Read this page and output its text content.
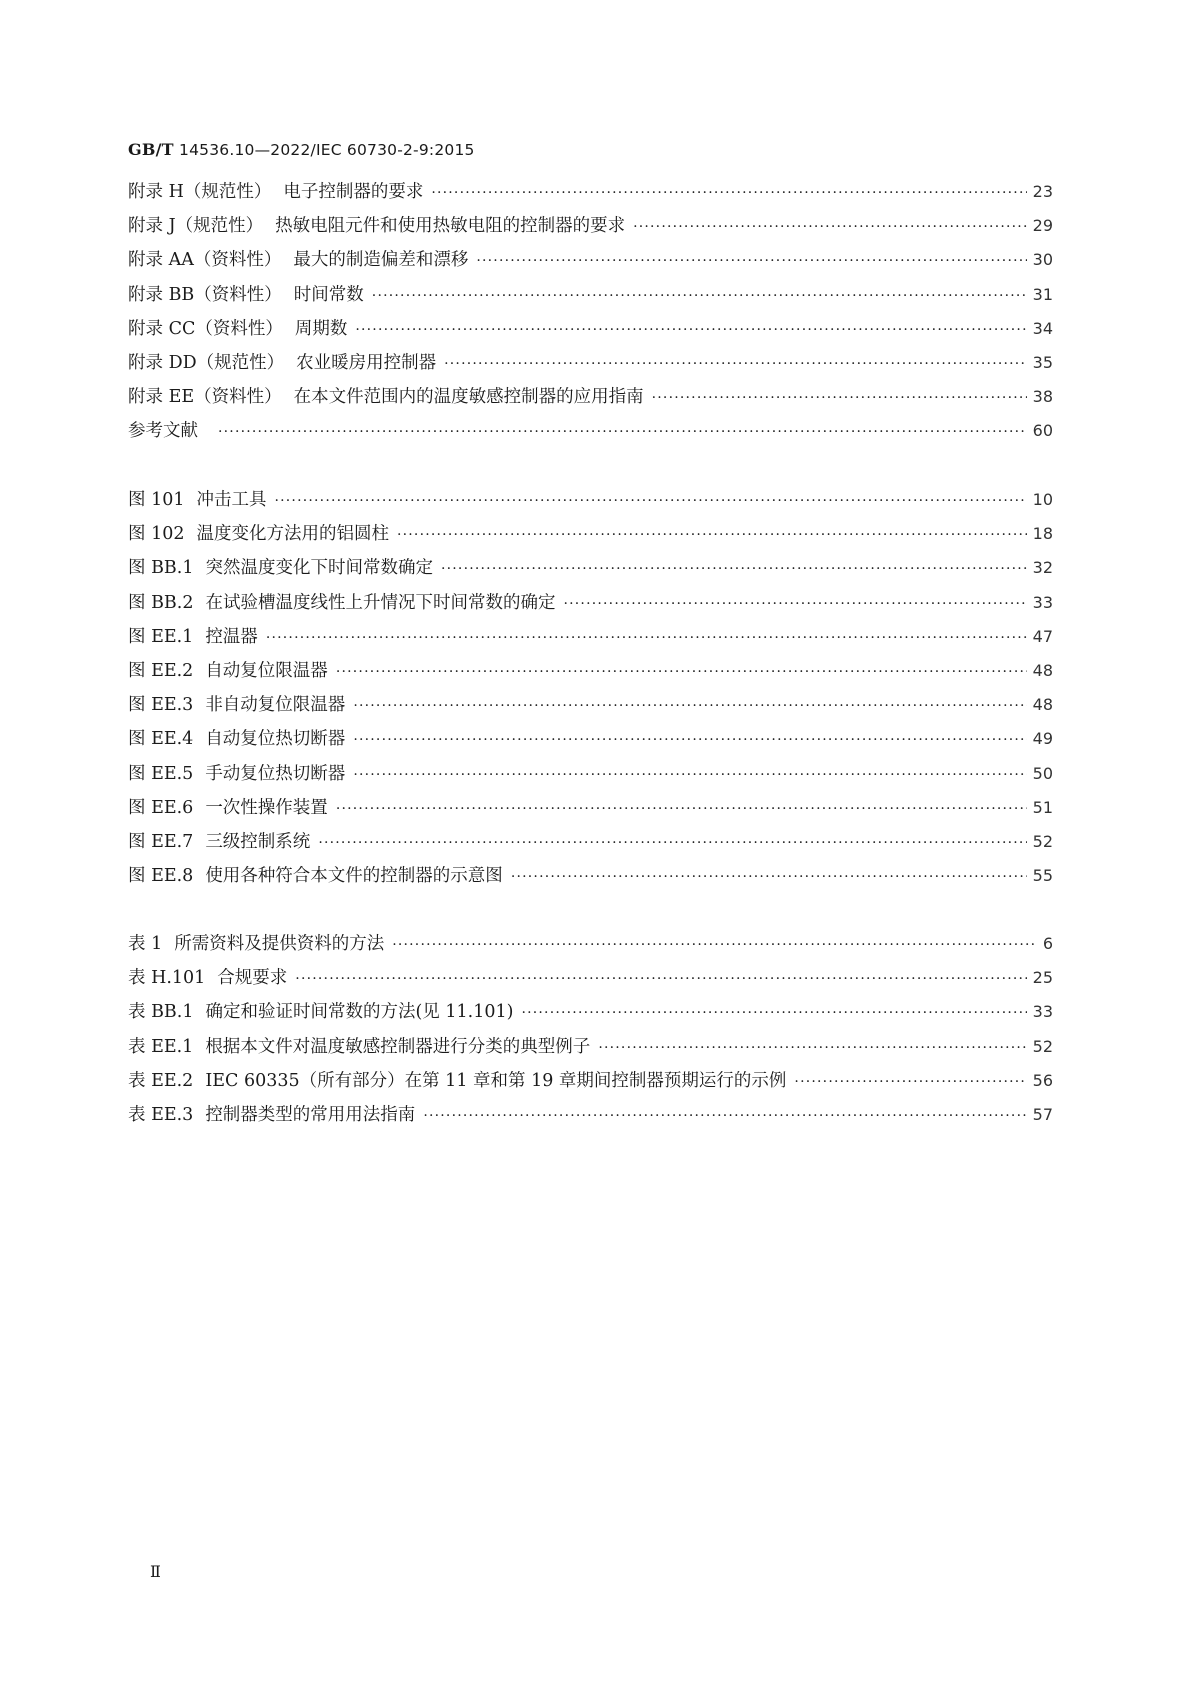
GB/T 14536.10—2022/IEC 60730-2-9:2015
附录 H（规范性） 电子控制器的要求 ·····	23
附录 J（规范性） 热敏电阻元件和使用热敏电阻的控制器的要求 ·····	29
附录 AA（资料性） 最大的制造偏差和漂移 ·····	30
附录 BB（资料性） 时间常数 ·····	31
附录 CC（资料性） 周期数 ·····	34
附录 DD（规范性） 农业暖房用控制器 ·····	35
附录 EE（资料性） 在本文件范围内的温度敏感控制器的应用指南 ·····	38
参考文献 ·····	60
图 101 冲击工具 ·····	10
图 102 温度变化方法用的铝圆柱 ·····	18
图 BB.1 突然温度变化下时间常数确定 ·····	32
图 BB.2 在试验槽温度线性上升情况下时间常数的确定 ·····	33
图 EE.1 控温器 ·····	47
图 EE.2 自动复位限温器 ·····	48
图 EE.3 非自动复位限温器 ·····	48
图 EE.4 自动复位热切断器 ·····	49
图 EE.5 手动复位热切断器 ·····	50
图 EE.6 一次性操作装置 ·····	51
图 EE.7 三级控制系统 ·····	52
图 EE.8 使用各种符合本文件的控制器的示意图 ·····	55
表 1 所需资料及提供资料的方法 ·····	6
表 H.101 合规要求 ·····	25
表 BB.1 确定和验证时间常数的方法(见 11.101) ·····	33
表 EE.1 根据本文件对温度敏感控制器进行分类的典型例子 ·····	52
表 EE.2 IEC 60335（所有部分）在第 11 章和第 19 章期间控制器预期运行的示例 ·····	56
表 EE.3 控制器类型的常用用法指南 ·····	57
Ⅱ
